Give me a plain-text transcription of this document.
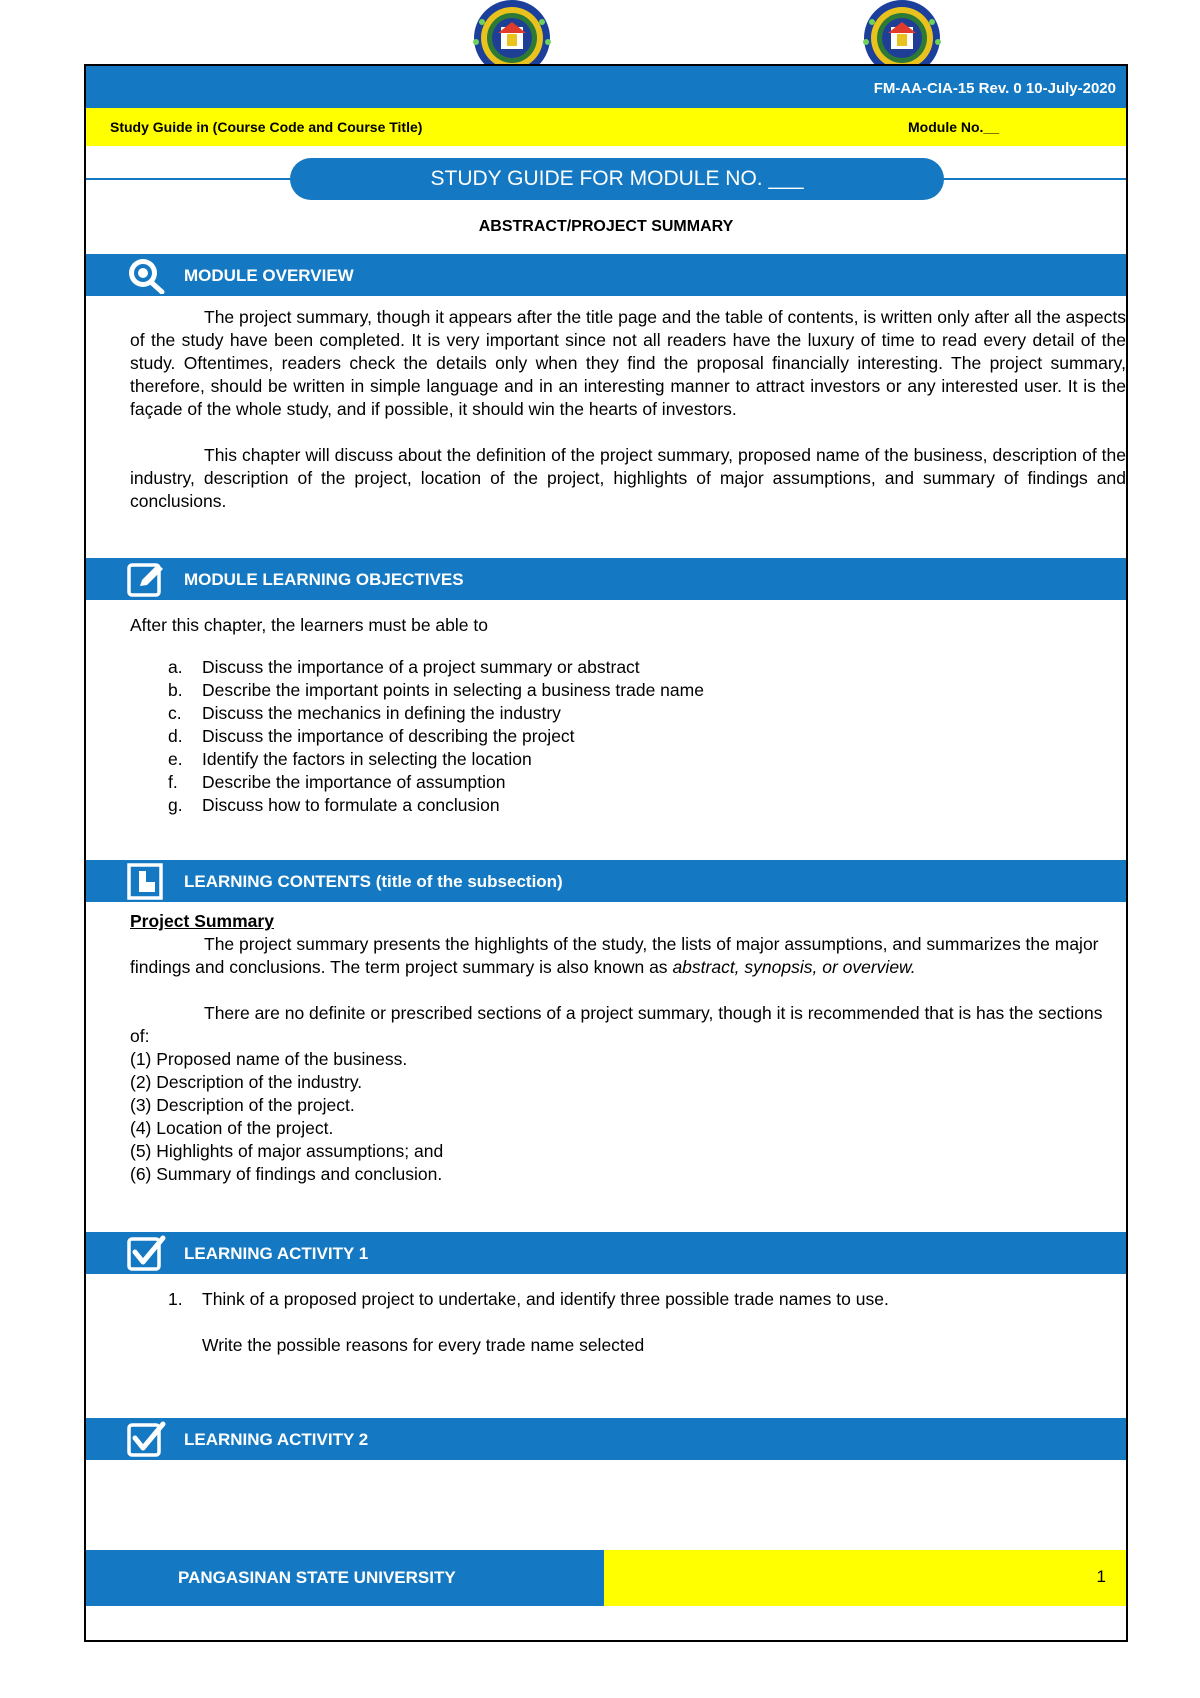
FM-AA-CIA-15 Rev. 0 10-July-2020
Study Guide in (Course Code and Course Title)	Module No.__
STUDY GUIDE FOR MODULE NO. ___
ABSTRACT/PROJECT SUMMARY
MODULE OVERVIEW

The project summary, though it appears after the title page and the table of contents, is written only after all the aspects of the study have been completed. It is very important since not all readers have the luxury of time to read every detail of the study. Oftentimes, readers check the details only when they find the proposal financially interesting. The project summary, therefore, should be written in simple language and in an interesting manner to attract investors or any interested user. It is the façade of the whole study, and if possible, it should win the hearts of investors.

This chapter will discuss about the definition of the project summary, proposed name of the business, description of the industry, description of the project, location of the project, highlights of major assumptions, and summary of findings and conclusions.

MODULE LEARNING OBJECTIVES

After this chapter, the learners must be able to

a. Discuss the importance of a project summary or abstract
b. Describe the important points in selecting a business trade name
c. Discuss the mechanics in defining the industry
d. Discuss the importance of describing the project
e. Identify the factors in selecting the location
f. Describe the importance of assumption
g. Discuss how to formulate a conclusion
LEARNING CONTENTS (title of the subsection)

Project Summary

The project summary presents the highlights of the study, the lists of major assumptions, and summarizes the major findings and conclusions. The term project summary is also known as abstract, synopsis, or overview.

There are no definite or prescribed sections of a project summary, though it is recommended that is has the sections of:

(1) Proposed name of the business.

(2) Description of the industry.

(3) Description of the project.

(4) Location of the project.

(5) Highlights of major assumptions; and

(6) Summary of findings and conclusion.

LEARNING ACTIVITY 1

1. Think of a proposed project to undertake, and identify three possible trade names to use.

Write the possible reasons for every trade name selected

LEARNING ACTIVITY 2
PANGASINAN STATE UNIVERSITY	1
